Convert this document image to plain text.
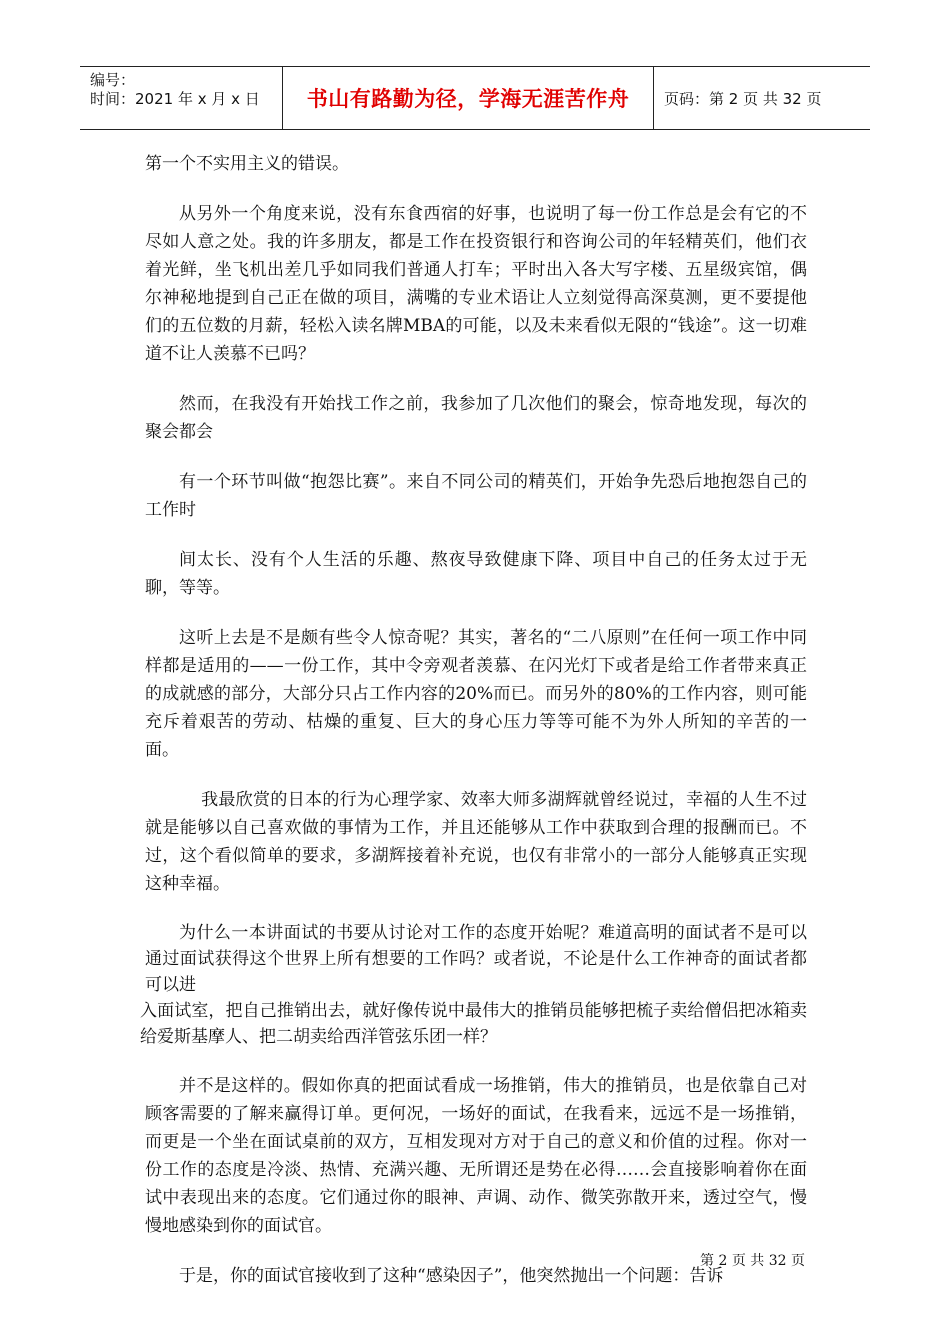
编号：
时间：2021 年 x 月 x 日	书山有路勤为径，学海无涯苦作舟	页码：第 2 页 共 32 页

第一个不实用主义的错误。

从另外一个角度来说，没有东食西宿的好事，也说明了每一份工作总是会有它的不尽如人意之处。我的许多朋友，都是工作在投资银行和咨询公司的年轻精英们，他们衣着光鲜，坐飞机出差几乎如同我们普通人打车；平时出入各大写字楼、五星级宾馆，偶尔神秘地提到自己正在做的项目，满嘴的专业术语让人立刻觉得高深莫测，更不要提他们的五位数的月薪，轻松入读名牌MBA的可能，以及未来看似无限的“钱途”。这一切难道不让人羡慕不已吗？

然而，在我没有开始找工作之前，我参加了几次他们的聚会，惊奇地发现，每次的聚会都会

有一个环节叫做“抱怨比赛”。来自不同公司的精英们，开始争先恐后地抱怨自己的工作时

间太长、没有个人生活的乐趣、熬夜导致健康下降、项目中自己的任务太过于无聊，等等。

这听上去是不是颇有些令人惊奇呢？其实，著名的“二八原则”在任何一项工作中同样都是适用的——一份工作，其中令旁观者羡慕、在闪光灯下或者是给工作者带来真正的成就感的部分，大部分只占工作内容的20%而已。而另外的80%的工作内容，则可能充斥着艰苦的劳动、枯燥的重复、巨大的身心压力等等可能不为外人所知的辛苦的一面。

我最欣赏的日本的行为心理学家、效率大师多湖辉就曾经说过，幸福的人生不过就是能够以自己喜欢做的事情为工作，并且还能够从工作中获取到合理的报酬而已。不过，这个看似简单的要求，多湖辉接着补充说，也仅有非常小的一部分人能够真正实现这种幸福。

为什么一本讲面试的书要从讨论对工作的态度开始呢？难道高明的面试者不是可以通过面试获得这个世界上所有想要的工作吗？或者说，不论是什么工作神奇的面试者都可以进

入面试室，把自己推销出去，就好像传说中最伟大的推销员能够把梳子卖给僧侣把冰箱卖给爱斯基摩人、把二胡卖给西洋管弦乐团一样？

并不是这样的。假如你真的把面试看成一场推销，伟大的推销员，也是依靠自己对顾客需要的了解来赢得订单。更何况，一场好的面试，在我看来，远远不是一场推销，而更是一个坐在面试桌前的双方，互相发现对方对于自己的意义和价值的过程。你对一份工作的态度是冷淡、热情、充满兴趣、无所谓还是势在必得……会直接影响着你在面试中表现出来的态度。它们通过你的眼神、声调、动作、微笑弥散开来，透过空气，慢慢地感染到你的面试官。

于是，你的面试官接收到了这种“感染因子”，他突然抛出一个问题：告诉

第 2 页 共 32 页
